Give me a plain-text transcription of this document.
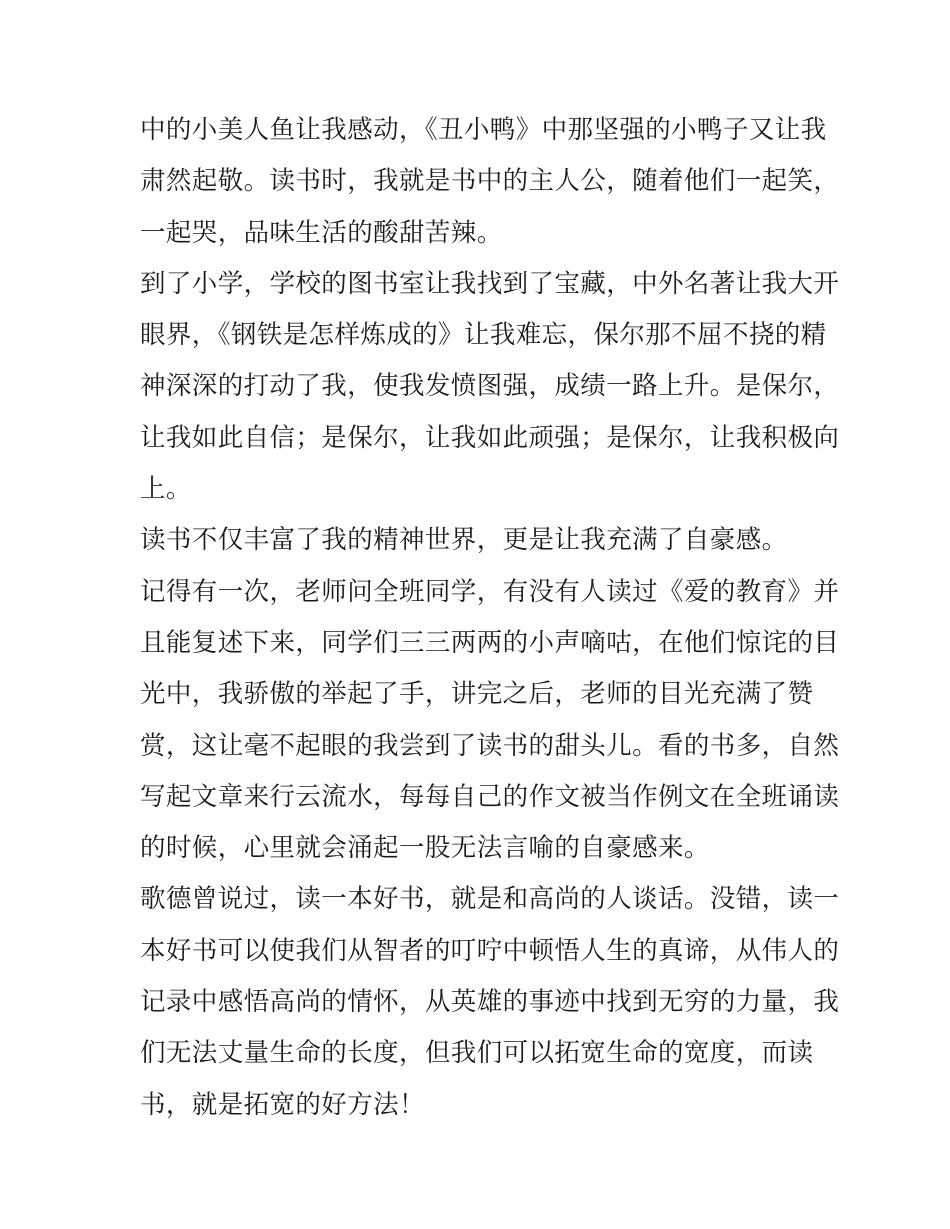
中的小美人鱼让我感动，《丑小鸭》中那坚强的小鸭子又让我
肃然起敬。读书时，我就是书中的主人公，随着他们一起笑，
一起哭，品味生活的酸甜苦辣。
到了小学，学校的图书室让我找到了宝藏，中外名著让我大开
眼界，《钢铁是怎样炼成的》让我难忘，保尔那不屈不挠的精
神深深的打动了我，使我发愤图强，成绩一路上升。是保尔，
让我如此自信；是保尔，让我如此顽强；是保尔，让我积极向
上。
读书不仅丰富了我的精神世界，更是让我充满了自豪感。
记得有一次，老师问全班同学，有没有人读过《爱的教育》并
且能复述下来，同学们三三两两的小声嘀咕，在他们惊诧的目
光中，我骄傲的举起了手，讲完之后，老师的目光充满了赞
赏，这让毫不起眼的我尝到了读书的甜头儿。看的书多，自然
写起文章来行云流水，每每自己的作文被当作例文在全班诵读
的时候，心里就会涌起一股无法言喻的自豪感来。
歌德曾说过，读一本好书，就是和高尚的人谈话。没错，读一
本好书可以使我们从智者的叮咛中顿悟人生的真谛，从伟人的
记录中感悟高尚的情怀，从英雄的事迹中找到无穷的力量，我
们无法丈量生命的长度，但我们可以拓宽生命的宽度，而读
书，就是拓宽的好方法！
